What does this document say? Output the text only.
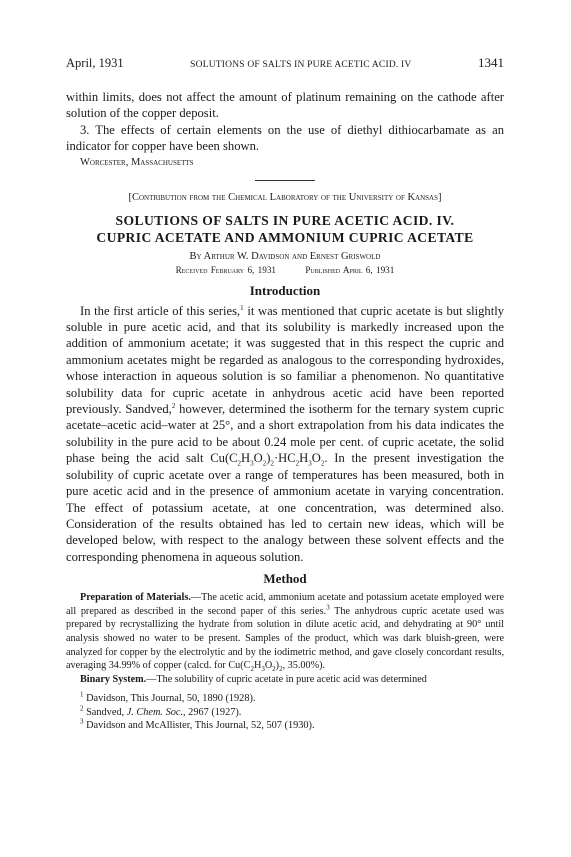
April, 1931	SOLUTIONS OF SALTS IN PURE ACETIC ACID. IV	1341

within limits, does not affect the amount of platinum remaining on the cathode after solution of the copper deposit.

3. The effects of certain elements on the use of diethyl dithiocarbamate as an indicator for copper have been shown.

Worcester, Massachusetts

[Contribution from the Chemical Laboratory of the University of Kansas]

SOLUTIONS OF SALTS IN PURE ACETIC ACID. IV.

CUPRIC ACETATE AND AMMONIUM CUPRIC ACETATE

By Arthur W. Davidson and Ernest Griswold

Received February 6, 1931	Published April 6, 1931

Introduction

In the first article of this series,$^1$ it was mentioned that cupric acetate is but slightly soluble in pure acetic acid, and that its solubility is markedly increased upon the addition of ammonium acetate; it was suggested that in this respect the cupric and ammonium acetates might be regarded as analogous to the corresponding hydroxides, whose interaction in aqueous solution is so familiar a phenomenon. No quantitative solubility data for cupric acetate in anhydrous acetic acid have been reported previously. Sandved,$^2$ however, determined the isotherm for the ternary system cupric acetate–acetic acid–water at 25°, and a short extrapolation from his data indicates the solubility in the pure acid to be about 0.24 mole per cent. of cupric acetate, the solid phase being the acid salt $Cu(C_2H_3O_2)_2\cdot HC_2H_3O_2$. In the present investigation the solubility of cupric acetate over a range of temperatures has been measured, both in pure acetic acid and in the presence of ammonium acetate in varying concentration. The effect of potassium acetate, at one concentration, was determined also. Consideration of the results obtained has led to certain new ideas, which will be developed below, with respect to the analogy between these solvent effects and the corresponding phenomena in aqueous solution.

Method

Preparation of Materials.—The acetic acid, ammonium acetate and potassium acetate employed were all prepared as described in the second paper of this series.$^3$ The anhydrous cupric acetate used was prepared by recrystallizing the hydrate from solution in dilute acetic acid, and dehydrating at 90° until analysis showed no water to be present. Samples of the product, which was dark bluish-green, were analyzed for copper by the electrolytic and by the iodimetric method, and gave closely concordant results, averaging 34.99% of copper (calcd. for $Cu(C_2H_3O_2)_2$, 35.00%).

Binary System.—The solubility of cupric acetate in pure acetic acid was determined

$^1$ Davidson, This Journal, 50, 1890 (1928).

$^2$ Sandved, J. Chem. Soc., 2967 (1927).

$^3$ Davidson and McAllister, This Journal, 52, 507 (1930).
